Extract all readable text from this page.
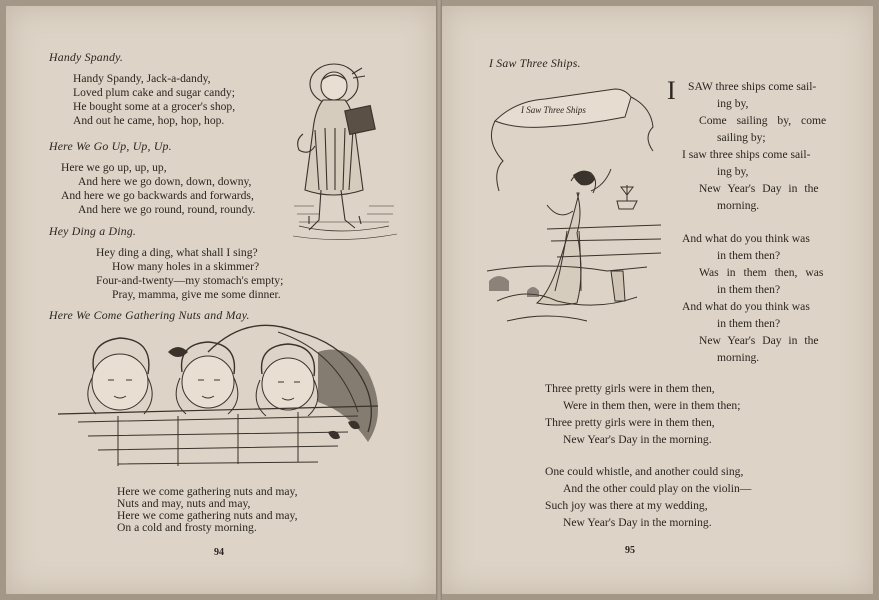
Handy Spandy.
Handy Spandy, Jack-a-dandy,
Loved plum cake and sugar candy;
He bought some at a grocer's shop,
And out he came, hop, hop, hop.
Here We Go Up, Up, Up.
Here we go up, up, up,
And here we go down, down, downy,
And here we go backwards and forwards,
And here we go round, round, roundy.
Hey Ding a Ding.
Hey ding a ding, what shall I sing?
How many holes in a skimmer?
Four-and-twenty—my stomach's empty;
Pray, mamma, give me some dinner.
Here We Come Gathering Nuts and May.
Here we come gathering nuts and may,
Nuts and may, nuts and may,
Here we come gathering nuts and may,
On a cold and frosty morning.
94
I Saw Three Ships.
I Saw Three Ships
I SAW three ships come sail-
ing by,
Come sailing by, come
sailing by;
I saw three ships come sail-
ing by,
New Year's Day in the
morning.
And what do you think was
in them then?
Was in them then, was
in them then?
And what do you think was
in them then?
New Year's Day in the
morning.
Three pretty girls were in them then,
Were in them then, were in them then;
Three pretty girls were in them then,
New Year's Day in the morning.
One could whistle, and another could sing,
And the other could play on the violin—
Such joy was there at my wedding,
New Year's Day in the morning.
95
